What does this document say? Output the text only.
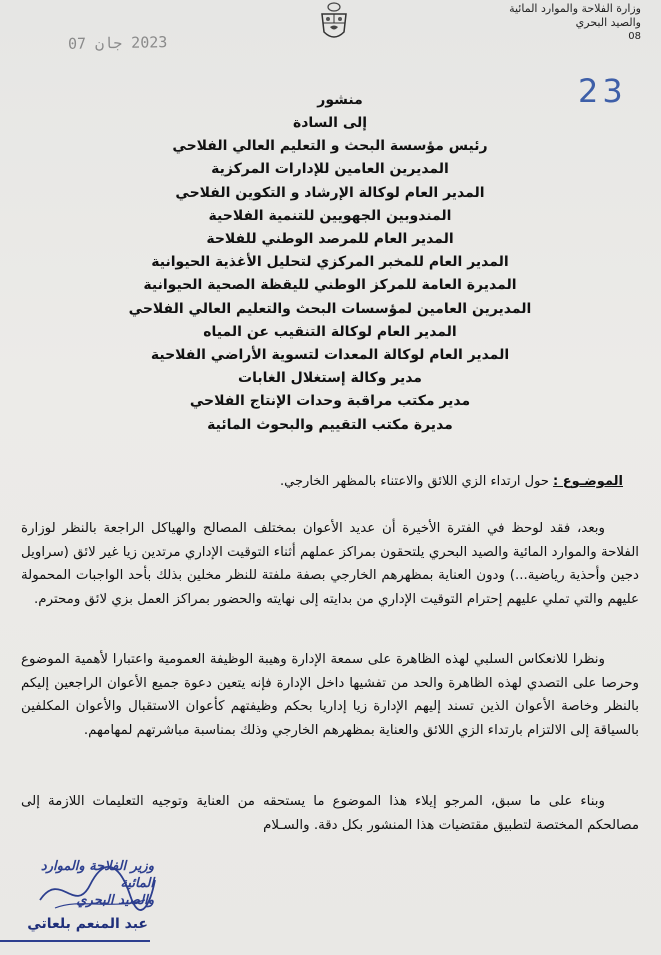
وزارة الفلاحة والموارد المائية
والصيد البحري
08
2023 جان 07
23
منشور
إلى السادة
رئيس مؤسسة البحث و التعليم العالي الفلاحي
المديرين العامين للإدارات المركزية
المدير العام لوكالة الإرشاد و التكوين الفلاحي
المندوبين الجهويين للتنمية الفلاحية
المدير العام للمرصد الوطني للفلاحة
المدير العام للمخبر المركزي لتحليل الأغذية الحيوانية
المديرة العامة للمركز الوطني لليقظة الصحية الحيوانية
المديرين العامين لمؤسسات البحث والتعليم العالي الفلاحي
المدير العام لوكالة التنقيب عن المياه
المدير العام لوكالة المعدات لتسوية الأراضي الفلاحية
مدير وكالة إستغلال الغابات
مدير مكتب مراقبة وحدات الإنتاج الفلاحي
مديرة مكتب التقييم والبحوث المائية
الموضـوع : حول ارتداء الزي اللائق والاعتناء بالمظهر الخارجي.

وبعد، فقد لوحظ في الفترة الأخيرة أن عديد الأعوان بمختلف المصالح والهياكل الراجعة بالنظر لوزارة الفلاحة والموارد المائية والصيد البحري يلتحقون بمراكز عملهم أثناء التوقيت الإداري مرتدين زيا غير لائق (سراويل دجين وأحذية رياضية...) ودون العناية بمظهرهم الخارجي بصفة ملفتة للنظر مخلين بذلك بأحد الواجبات المحمولة عليهم والتي تملي عليهم إحترام التوقيت الإداري من بدايته إلى نهايته والحضور بمراكز العمل بزي لائق ومحترم.

ونظرا للانعكاس السلبي لهذه الظاهرة على سمعة الإدارة وهيبة الوظيفة العمومية واعتبارا لأهمية الموضوع وحرصا على التصدي لهذه الظاهرة والحد من تفشيها داخل الإدارة فإنه يتعين دعوة جميع الأعوان الراجعين إليكم بالنظر وخاصة الأعوان الذين تسند إليهم الإدارة زيا إداريا بحكم وظيفتهم كأعوان الاستقبال والأعوان المكلفين بالسياقة إلى الالتزام بارتداء الزي اللائق والعناية بمظهرهم الخارجي وذلك بمناسبة مباشرتهم لمهامهم.

وبناء على ما سبق، المرجو إيلاء هذا الموضوع ما يستحقه من العناية وتوجيه التعليمات اللازمة إلى مصالحكم المختصة لتطبيق مقتضيات هذا المنشور بكل دقة. والسـلام

وزير الفلاحة والموارد المائية
والصيد البحري
عبد المنعم بلعاتي
